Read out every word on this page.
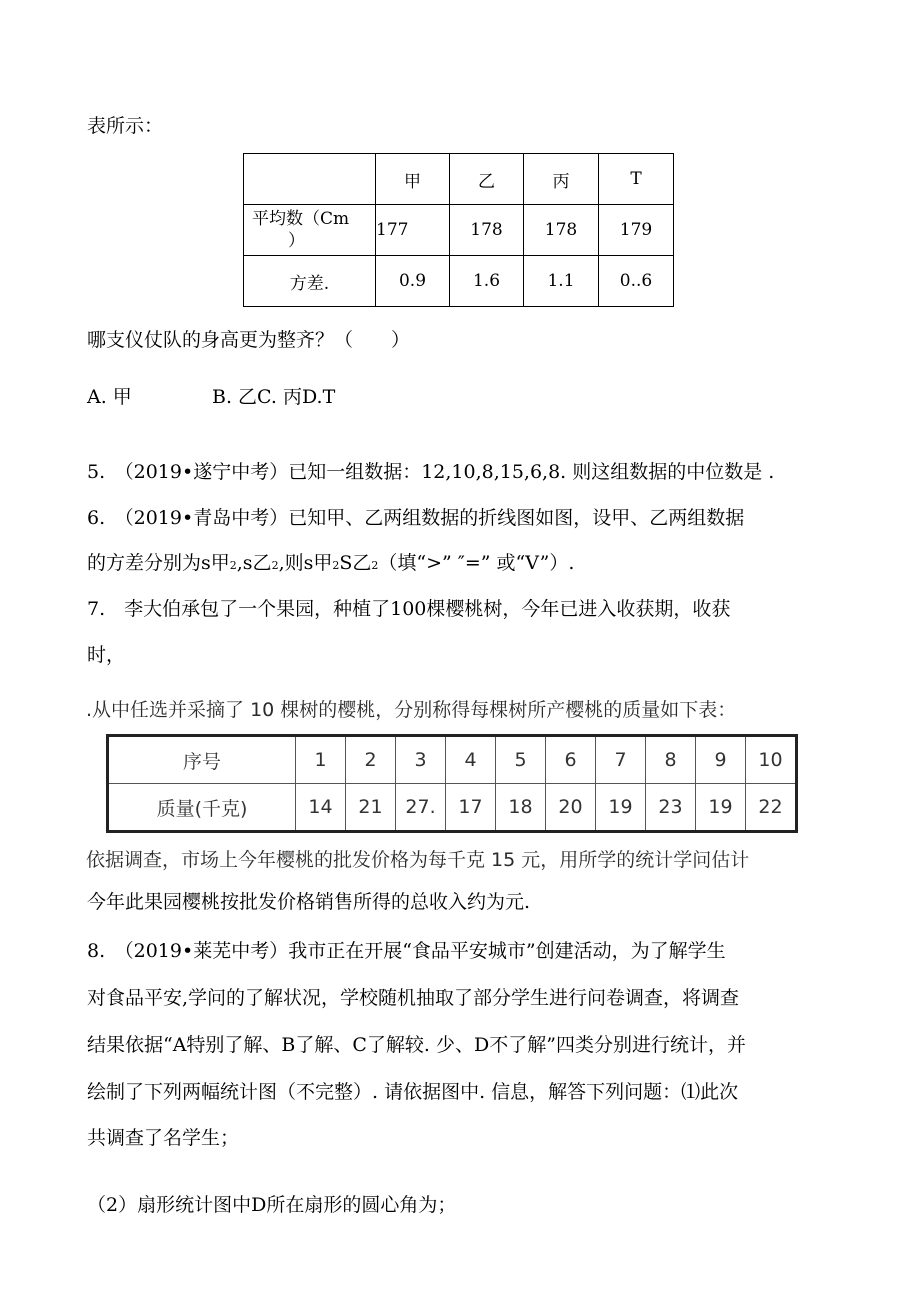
表所示：
	甲	乙	丙	T

平均数（Cm
）	177	178	178	179
方差.	0.9	1.6	1.1	0..6
哪支仪仗队的身高更为整齐？（　　）
A. 甲	B. 乙C. 丙D.T
5.　（2019•遂宁中考）已知一组数据：12,10,8,15,6,8. 则这组数据的中位数是 .
6.　（2019•青岛中考）已知甲、乙两组数据的折线图如图，设甲、乙两组数据
的方差分别为s甲2,s乙2,则s甲2S乙2（填“>” ″=” 或“V”）.
7.　李大伯承包了一个果园，种植了100棵樱桃树，今年已进入收获期，收获
时，
.从中任选并采摘了 10 棵树的樱桃，分别称得每棵树所产樱桃的质量如下表：
序号	1	2	3	4	5	6	7	8	9	10
质量(千克)	14	21	27.	17	18	20	19	23	19	22
依据调查，市场上今年樱桃的批发价格为每千克 15 元，用所学的统计学问估计
今年此果园樱桃按批发价格销售所得的总收入约为元.
8.　（2019•莱芜中考）我市正在开展“食品平安城市”创建活动，为了解学生
对食品平安,学问的了解状况，学校随机抽取了部分学生进行问卷调查，将调查
结果依据“A特别了解、B了解、C了解较. 少、D不了解”四类分别进行统计，并
绘制了下列两幅统计图（不完整）. 请依据图中. 信息，解答下列问题：⑴此次
共调查了名学生；
（2）扇形统计图中D所在扇形的圆心角为；
